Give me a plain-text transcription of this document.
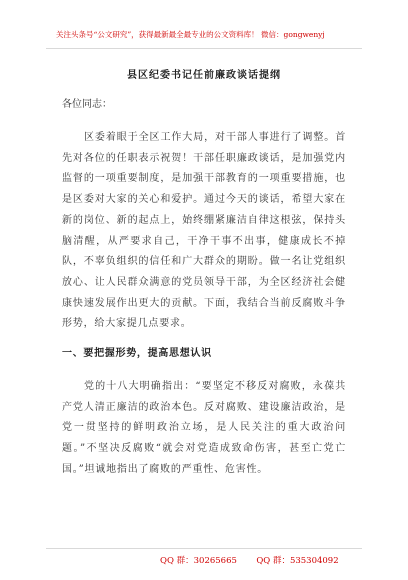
关注头条号“公文研究”，获得最新最全最专业的公文资料库！ 微信：gongwenyj
县区纪委书记任前廉政谈话提纲
各位同志：
区委着眼于全区工作大局，对干部人事进行了调整。首先对各位的任职表示祝贺！干部任职廉政谈话，是加强党内监督的一项重要制度，是加强干部教育的一项重要措施，也是区委对大家的关心和爱护。通过今天的谈话，希望大家在新的岗位、新的起点上，始终绷紧廉洁自律这根弦，保持头脑清醒，从严要求自己，干净干事不出事，健康成长不掉队，不辜负组织的信任和广大群众的期盼。做一名让党组织放心、让人民群众满意的党员领导干部，为全区经济社会健康快速发展作出更大的贡献。下面，我结合当前反腐败斗争形势，给大家提几点要求。
一、要把握形势，提高思想认识
党的十八大明确指出：“要坚定不移反对腐败，永葆共产党人清正廉洁的政治本色。反对腐败、建设廉洁政治，是党一贯坚持的鲜明政治立场，是人民关注的重大政治问题。”不坚决反腐败“就会对党造成致命伤害，甚至亡党亡国。”坦诚地指出了腐败的严重性、危害性。
QQ 群：30265665 QQ 群：535304092
